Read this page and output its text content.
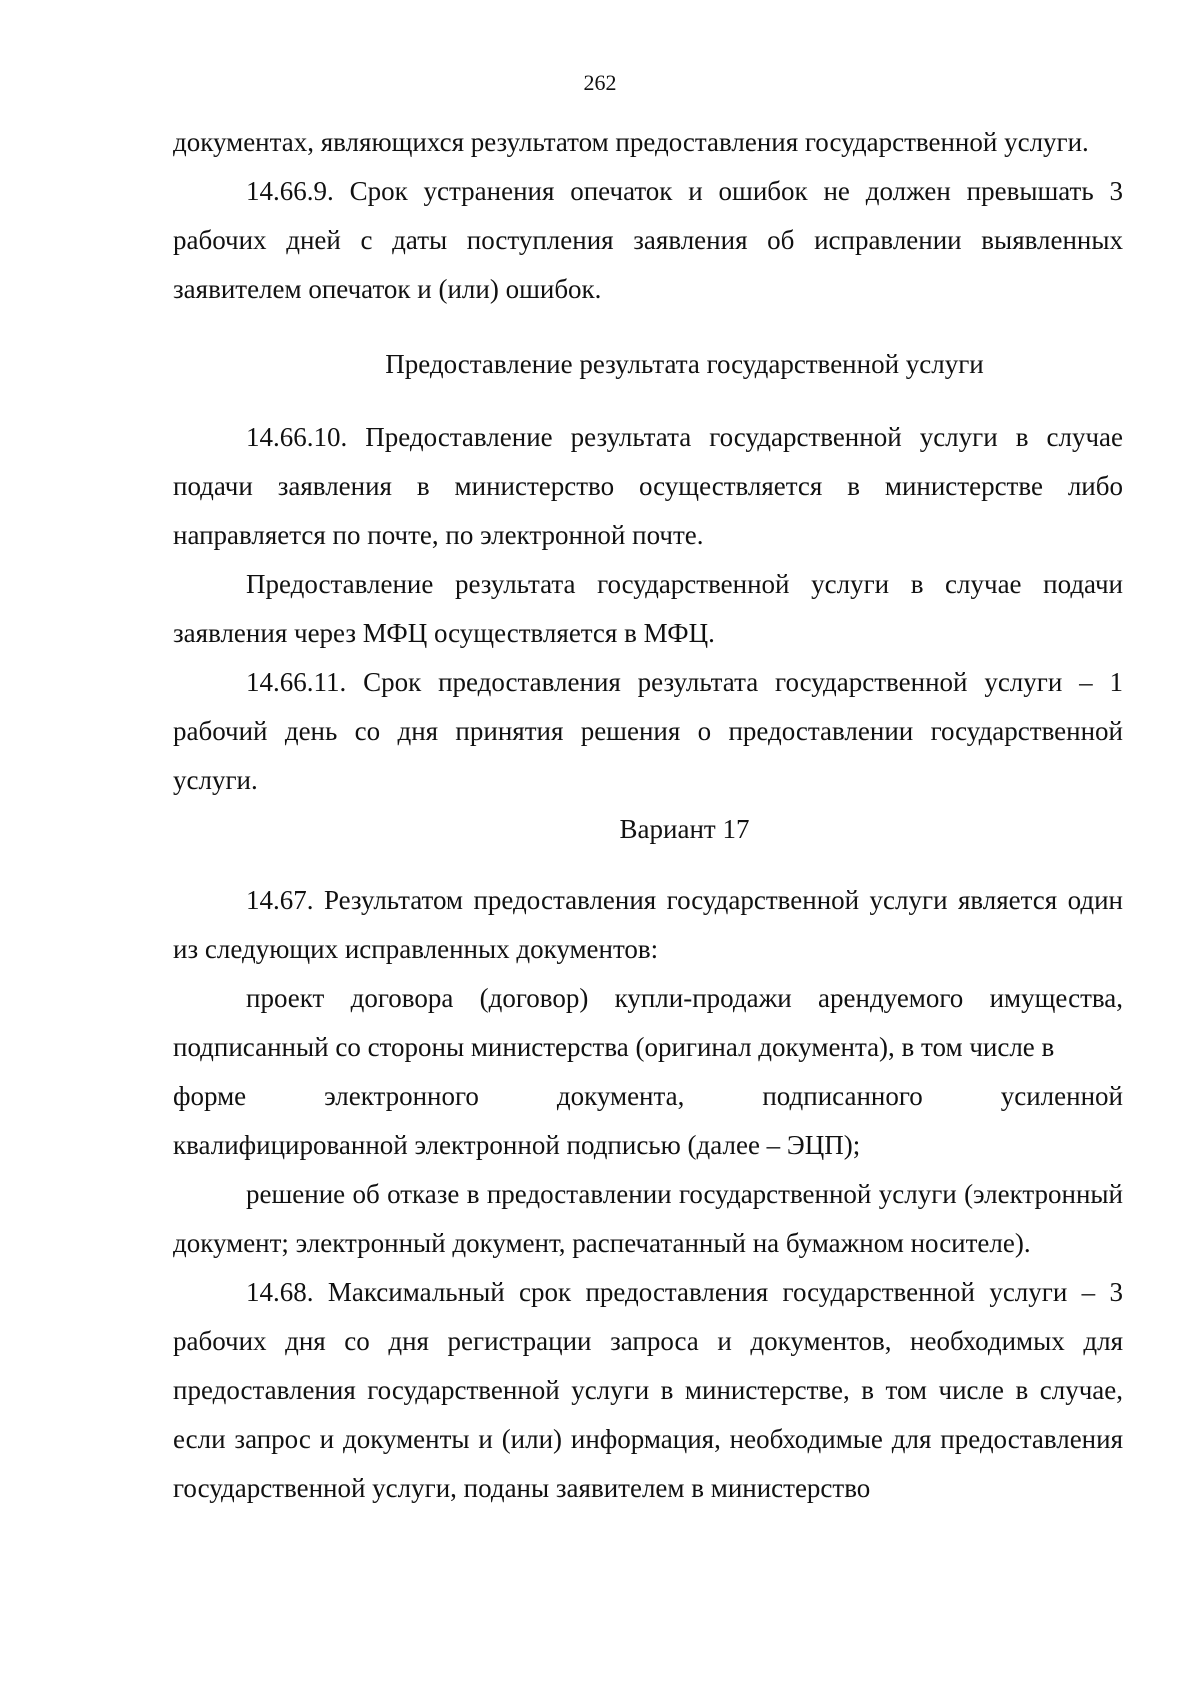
262

документах, являющихся результатом предоставления государственной услуги.

14.66.9. Срок устранения опечаток и ошибок не должен превышать 3 рабочих дней с даты поступления заявления об исправлении выявленных заявителем опечаток и (или) ошибок.

Предоставление результата государственной услуги

14.66.10. Предоставление результата государственной услуги в случае подачи заявления в министерство осуществляется в министерстве либо направляется по почте, по электронной почте.

Предоставление результата государственной услуги в случае подачи заявления через МФЦ осуществляется в МФЦ.

14.66.11. Срок предоставления результата государственной услуги – 1 рабочий день со дня принятия решения о предоставлении государственной услуги.

Вариант 17

14.67. Результатом предоставления государственной услуги является один из следующих исправленных документов:

проект договора (договор) купли-продажи арендуемого имущества, подписанный со стороны министерства (оригинал документа), в том числе в

форме	электронного	документа,	подписанного	усиленной

квалифицированной электронной подписью (далее – ЭЦП);

решение об отказе в предоставлении государственной услуги (электронный документ; электронный документ, распечатанный на бумажном носителе).

14.68. Максимальный срок предоставления государственной услуги – 3 рабочих дня со дня регистрации запроса и документов, необходимых для предоставления государственной услуги в министерстве, в том числе в случае, если запрос и документы и (или) информация, необходимые для предоставления государственной услуги, поданы заявителем в министерство
